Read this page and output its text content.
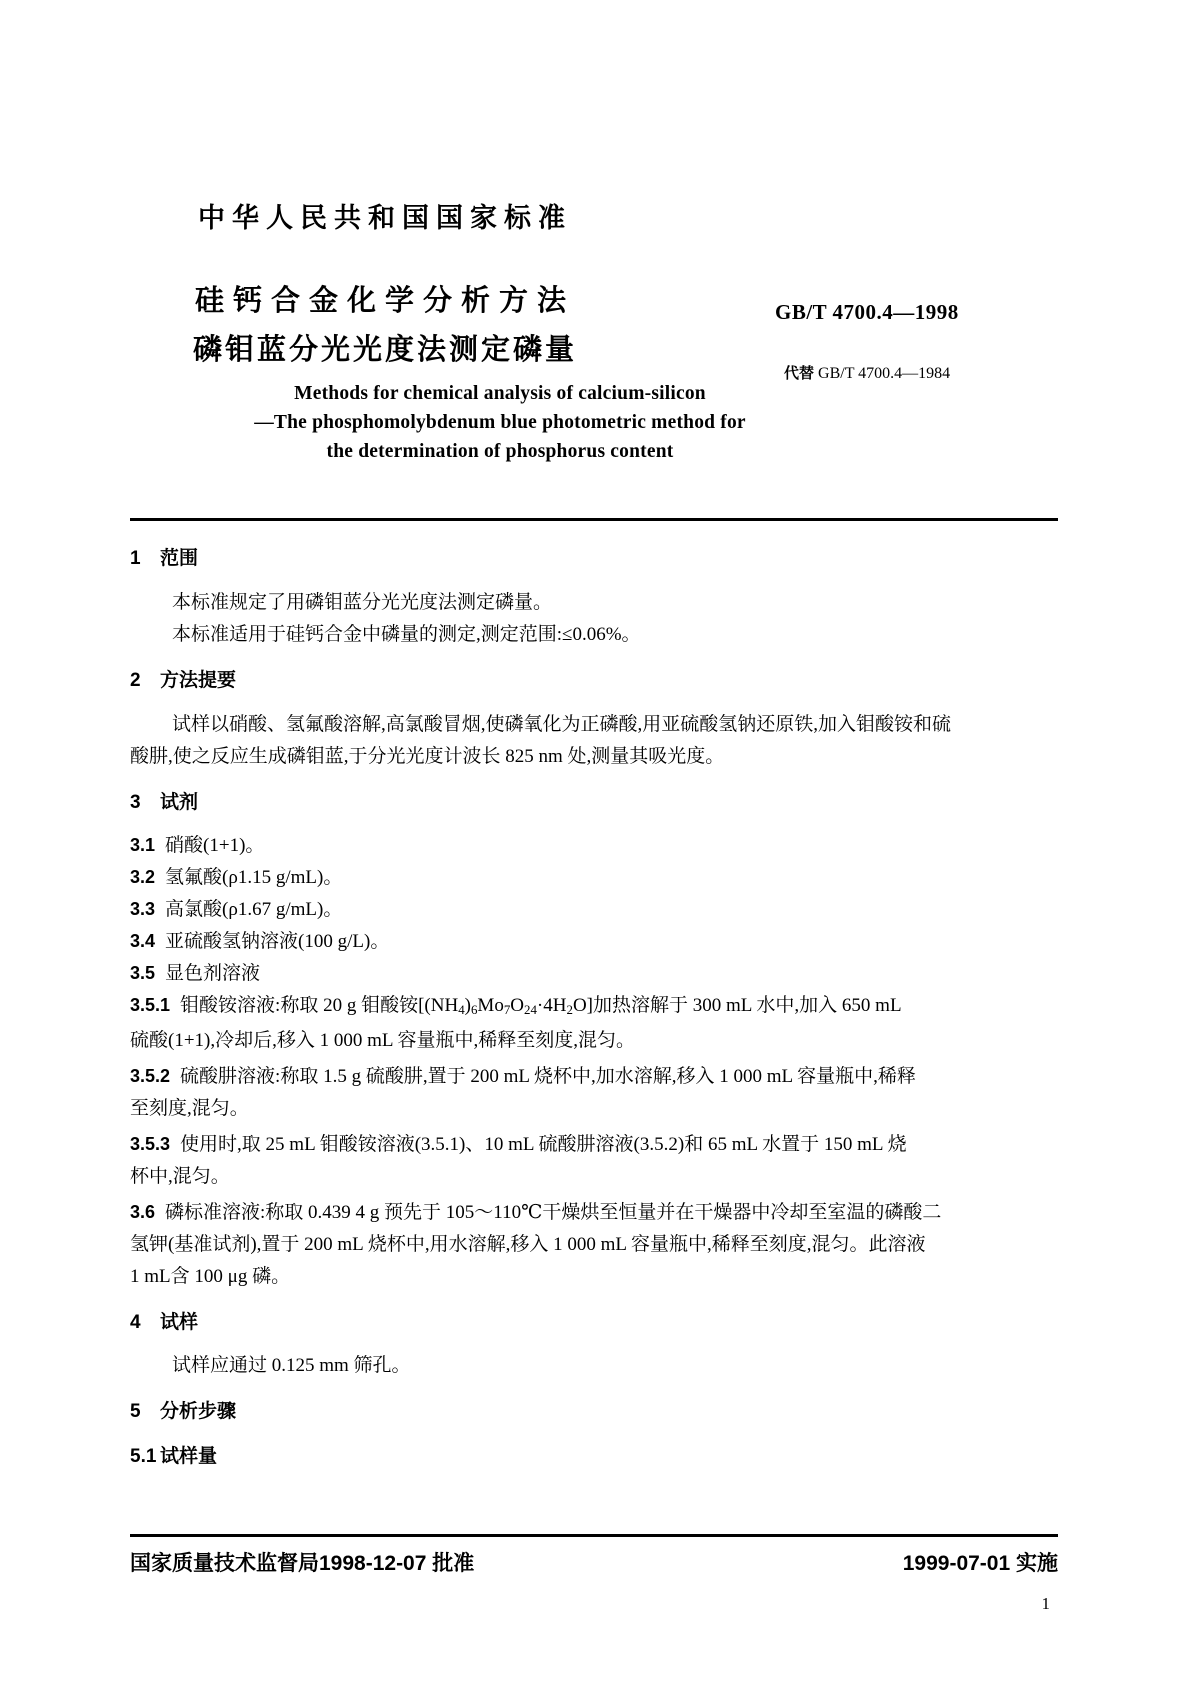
中华人民共和国国家标准
硅钙合金化学分析方法
磷钼蓝分光光度法测定磷量
GB/T 4700.4—1998
代替 GB/T 4700.4—1984
Methods for chemical analysis of calcium-silicon
—The phosphomolybdenum blue photometric method for
the determination of phosphorus content
1 范围
本标准规定了用磷钼蓝分光光度法测定磷量。
本标准适用于硅钙合金中磷量的测定,测定范围:≤0.06%。
2 方法提要
试样以硝酸、氢氟酸溶解,高氯酸冒烟,使磷氧化为正磷酸,用亚硫酸氢钠还原铁,加入钼酸铵和硫
酸肼,使之反应生成磷钼蓝,于分光光度计波长 825 nm 处,测量其吸光度。
3 试剂
3.1 硝酸(1+1)。
3.2 氢氟酸(ρ1.15 g/mL)。
3.3 高氯酸(ρ1.67 g/mL)。
3.4 亚硫酸氢钠溶液(100 g/L)。
3.5 显色剂溶液
3.5.1 钼酸铵溶液:称取 20 g 钼酸铵$[(NH_4)_6Mo_7O_{24}\cdot 4H_2O]$加热溶解于 300 mL 水中,加入 650 mL
硫酸(1+1),冷却后,移入 1 000 mL 容量瓶中,稀释至刻度,混匀。
3.5.2 硫酸肼溶液:称取 1.5 g 硫酸肼,置于 200 mL 烧杯中,加水溶解,移入 1 000 mL 容量瓶中,稀释
至刻度,混匀。
3.5.3 使用时,取 25 mL 钼酸铵溶液(3.5.1)、10 mL 硫酸肼溶液(3.5.2)和 65 mL 水置于 150 mL 烧
杯中,混匀。
3.6 磷标准溶液:称取 0.439 4 g 预先于 105～110℃干燥烘至恒量并在干燥器中冷却至室温的磷酸二
氢钾(基准试剂),置于 200 mL 烧杯中,用水溶解,移入 1 000 mL 容量瓶中,稀释至刻度,混匀。此溶液
1 mL含 100 μg 磷。
4 试样
试样应通过 0.125 mm 筛孔。
5 分析步骤
5.1 试样量
国家质量技术监督局1998-12-07 批准	1999-07-01 实施
1
